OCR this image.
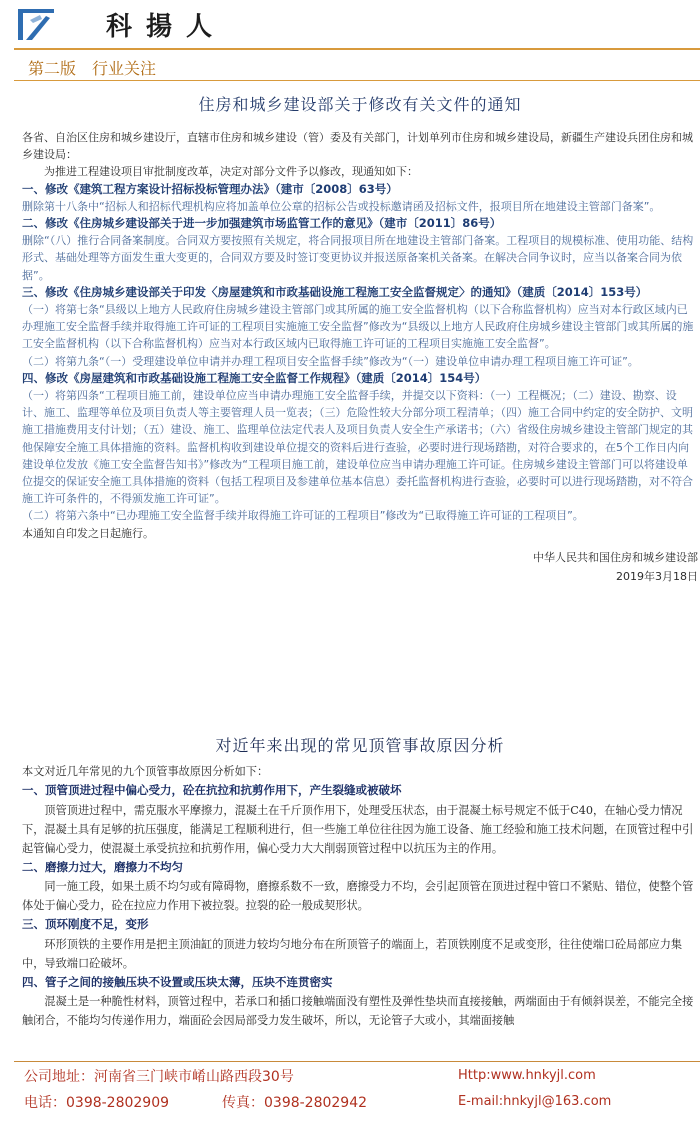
科揚人
第二版　行业关注
住房和城乡建设部关于修改有关文件的通知

各省、自治区住房和城乡建设厅，直辖市住房和城乡建设（管）委及有关部门，计划单列市住房和城乡建设局，新疆生产建设兵团住房和城乡建设局：

为推进工程建设项目审批制度改革，决定对部分文件予以修改，现通知如下：

一、修改《建筑工程方案设计招标投标管理办法》（建市〔2008〕63号）

删除第十八条中“招标人和招标代理机构应将加盖单位公章的招标公告或投标邀请函及招标文件，报项目所在地建设主管部门备案”。

二、修改《住房城乡建设部关于进一步加强建筑市场监管工作的意见》（建市〔2011〕86号）

删除“（八）推行合同备案制度。合同双方要按照有关规定，将合同报项目所在地建设主管部门备案。工程项目的规模标准、使用功能、结构形式、基础处理等方面发生重大变更的，合同双方要及时签订变更协议并报送原备案机关备案。在解决合同争议时，应当以备案合同为依据”。

三、修改《住房城乡建设部关于印发〈房屋建筑和市政基础设施工程施工安全监督规定〉的通知》（建质〔2014〕153号）

（一）将第七条“县级以上地方人民政府住房城乡建设主管部门或其所属的施工安全监督机构（以下合称监督机构）应当对本行政区域内已办理施工安全监督手续并取得施工许可证的工程项目实施施工安全监督”修改为“县级以上地方人民政府住房城乡建设主管部门或其所属的施工安全监督机构（以下合称监督机构）应当对本行政区域内已取得施工许可证的工程项目实施施工安全监督”。

（二）将第九条“（一）受理建设单位申请并办理工程项目安全监督手续”修改为“（一）建设单位申请办理工程项目施工许可证”。

四、修改《房屋建筑和市政基础设施工程施工安全监督工作规程》（建质〔2014〕154号）

（一）将第四条“工程项目施工前，建设单位应当申请办理施工安全监督手续，并提交以下资料：（一）工程概况；（二）建设、勘察、设计、施工、监理等单位及项目负责人等主要管理人员一览表；（三）危险性较大分部分项工程清单；（四）施工合同中约定的安全防护、文明施工措施费用支付计划；（五）建设、施工、监理单位法定代表人及项目负责人安全生产承诺书；（六）省级住房城乡建设主管部门规定的其他保障安全施工具体措施的资料。监督机构收到建设单位提交的资料后进行查验，必要时进行现场踏勘，对符合要求的，在5个工作日内向建设单位发放《施工安全监督告知书》”修改为“工程项目施工前，建设单位应当申请办理施工许可证。住房城乡建设主管部门可以将建设单位提交的保证安全施工具体措施的资料（包括工程项目及参建单位基本信息）委托监督机构进行查验，必要时可以进行现场踏勘，对不符合施工许可条件的，不得颁发施工许可证”。

（二）将第六条中“已办理施工安全监督手续并取得施工许可证的工程项目”修改为“已取得施工许可证的工程项目”。

本通知自印发之日起施行。

中华人民共和国住房和城乡建设部

2019年3月18日

对近年来出现的常见顶管事故原因分析

本文对近几年常见的九个顶管事故原因分析如下：

一、顶管顶进过程中偏心受力，砼在抗拉和抗剪作用下，产生裂缝或被破坏

顶管顶进过程中，需克服水平摩擦力，混凝土在千斤顶作用下，处理受压状态，由于混凝土标号规定不低于C40，在轴心受力情况下，混凝土具有足够的抗压强度，能满足工程顺利进行，但一些施工单位往往因为施工设备、施工经验和施工技术问题，在顶管过程中引起管偏心受力，使混凝土承受抗拉和抗剪作用，偏心受力大大削弱顶管过程中以抗压为主的作用。

二、磨擦力过大，磨擦力不均匀

同一施工段，如果土质不均匀或有障碍物，磨擦系数不一致，磨擦受力不均，会引起顶管在顶进过程中管口不紧贴、错位，使整个管体处于偏心受力，砼在拉应力作用下被拉裂。拉裂的砼一般成契形状。

三、顶环刚度不足，变形

环形顶铁的主要作用是把主顶油缸的顶进力较均匀地分布在所顶管子的端面上，若顶铁刚度不足或变形，往往使端口砼局部应力集中，导致端口砼破坏。

四、管子之间的接触压块不设置或压块太薄，压块不连贯密实

混凝土是一种脆性材料，顶管过程中，若承口和插口接触端面没有塑性及弹性垫块而直接接触，两端面由于有倾斜误差，不能完全接触闭合，不能均匀传递作用力，端面砼会因局部受力发生破坏，所以，无论管子大或小，其端面接触

公司地址：河南省三门峡市崤山路西段30号
电话：0398-2802909	传真：0398-2802942
Http:www.hnkyjl.com
E-mail:hnkyjl@163.com
